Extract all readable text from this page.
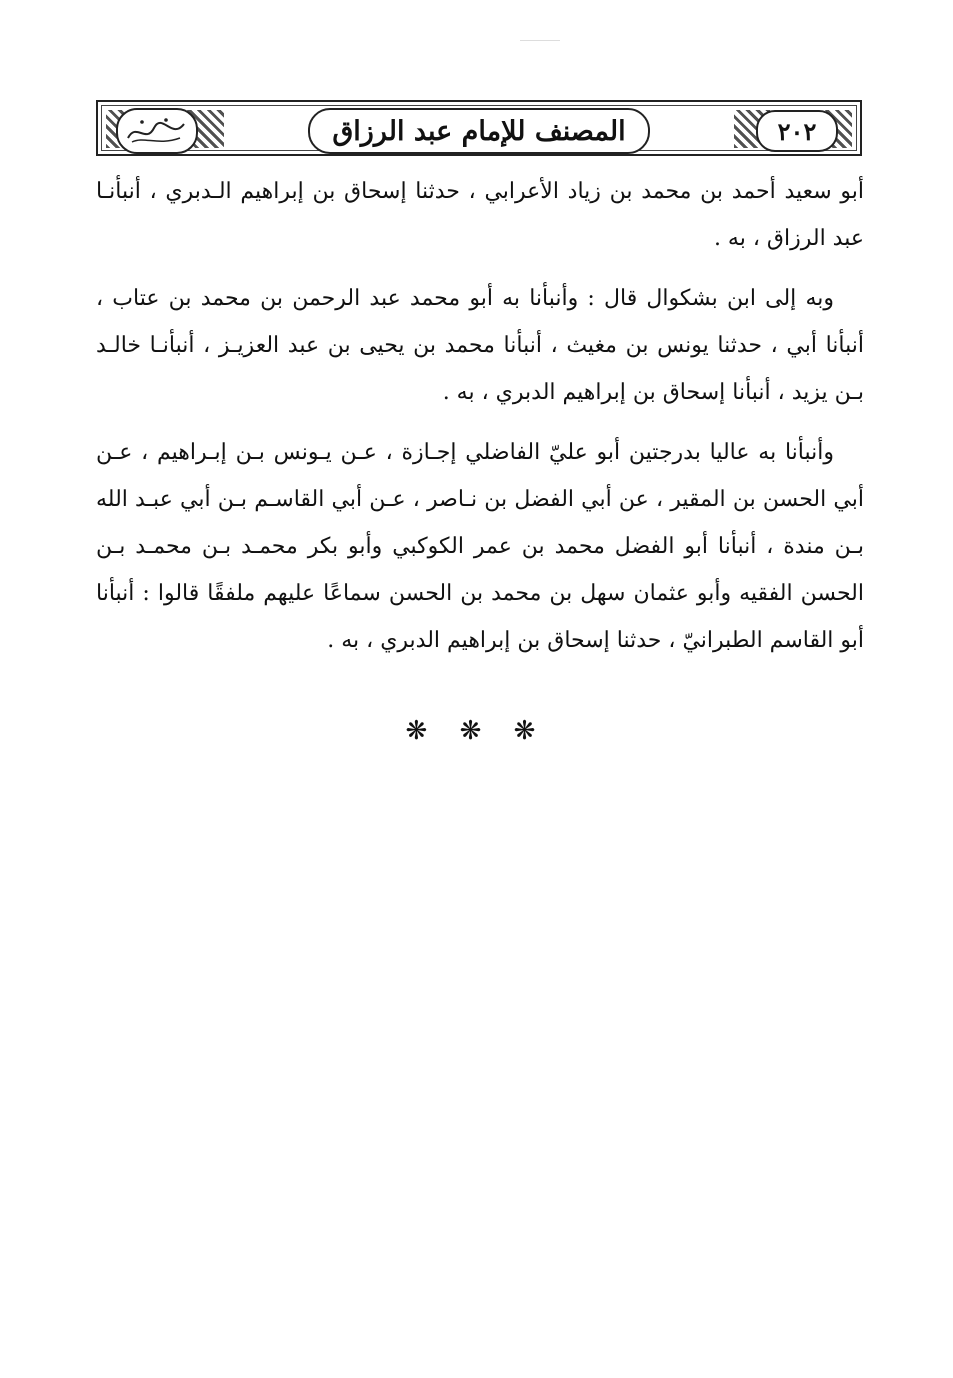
المصنف للإمام عبد الرزاق	٢٠٢

أبو سعيد أحمد بن محمد بن زياد الأعرابي ، حدثنا إسحاق بن إبراهيم الـدبري ، أنبأنـا عبد الرزاق ، به .

وبه إلى ابن بشكوال قال : وأنبأنا به أبو محمد عبد الرحمن بن محمد بن عتاب ، أنبأنا أبي ، حدثنا يونس بن مغيث ، أنبأنا محمد بن يحيى بن عبد العزيـز ، أنبأنـا خالـد بـن يزيد ، أنبأنا إسحاق بن إبراهيم الدبري ، به .

وأنبأنا به عاليا بدرجتين أبو عليّ الفاضلي إجـازة ، عـن يـونس بـن إبـراهيم ، عـن أبي الحسن بن المقير ، عن أبي الفضل بن نـاصر ، عـن أبي القاسـم بـن أبي عبـد الله بـن مندة ، أنبأنا أبو الفضل محمد بن عمر الكوكبي وأبو بكر محمـد بـن محمـد بـن الحسن الفقيه وأبو عثمان سهل بن محمد بن الحسن سماعًا عليهم ملفقًا قالوا : أنبأنا أبو القاسم الطبرانيّ ، حدثنا إسحاق بن إبراهيم الدبري ، به .

❋ ❋ ❋
